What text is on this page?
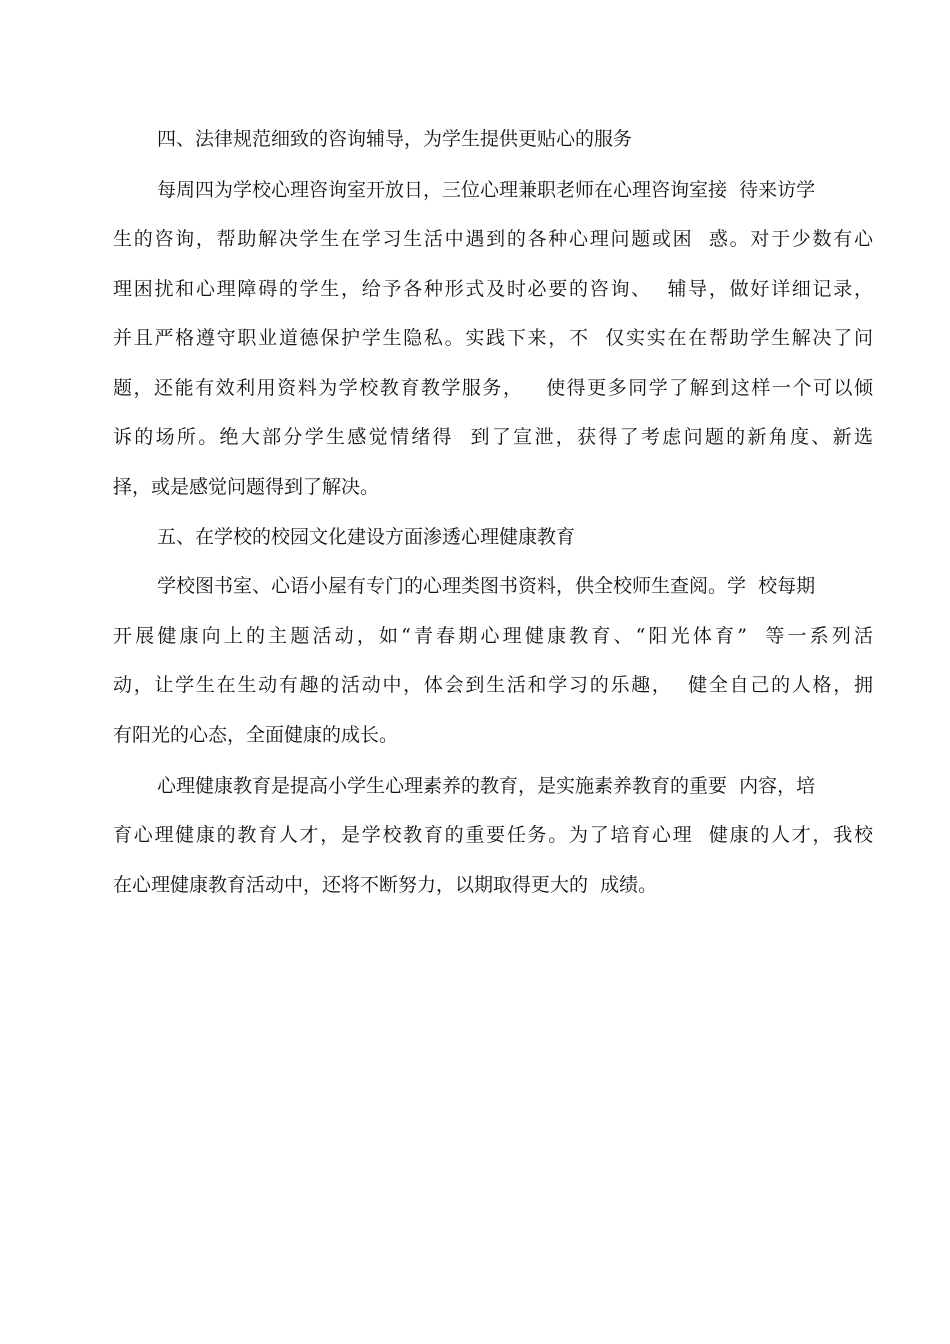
四、法律规范细致的咨询辅导，为学生提供更贴心的服务
每周四为学校心理咨询室开放日，三位心理兼职老师在心理咨询室接  待来访学
生的咨询，帮助解决学生在学习生活中遇到的各种心理问题或困  惑。对于少数有心
理困扰和心理障碍的学生，给予各种形式及时必要的咨询、  辅导，做好详细记录，
并且严格遵守职业道德保护学生隐私。实践下来，不  仅实实在在帮助学生解决了问
题，还能有效利用资料为学校教育教学服务，   使得更多同学了解到这样一个可以倾
诉的场所。绝大部分学生感觉情绪得  到了宣泄，获得了考虑问题的新角度、新选
择，或是感觉问题得到了解决。
五、在学校的校园文化建设方面渗透心理健康教育
学校图书室、心语小屋有专门的心理类图书资料，供全校师生查阅。学  校每期
开展健康向上的主题活动，如“青春期心理健康教育、“阳光体育”  等一系列活
动，让学生在生动有趣的活动中，体会到生活和学习的乐趣，  健全自己的人格，拥
有阳光的心态，全面健康的成长。
心理健康教育是提高小学生心理素养的教育，是实施素养教育的重要  内容，培
育心理健康的教育人才，是学校教育的重要任务。为了培育心理  健康的人才，我校
在心理健康教育活动中，还将不断努力，以期取得更大的  成绩。
